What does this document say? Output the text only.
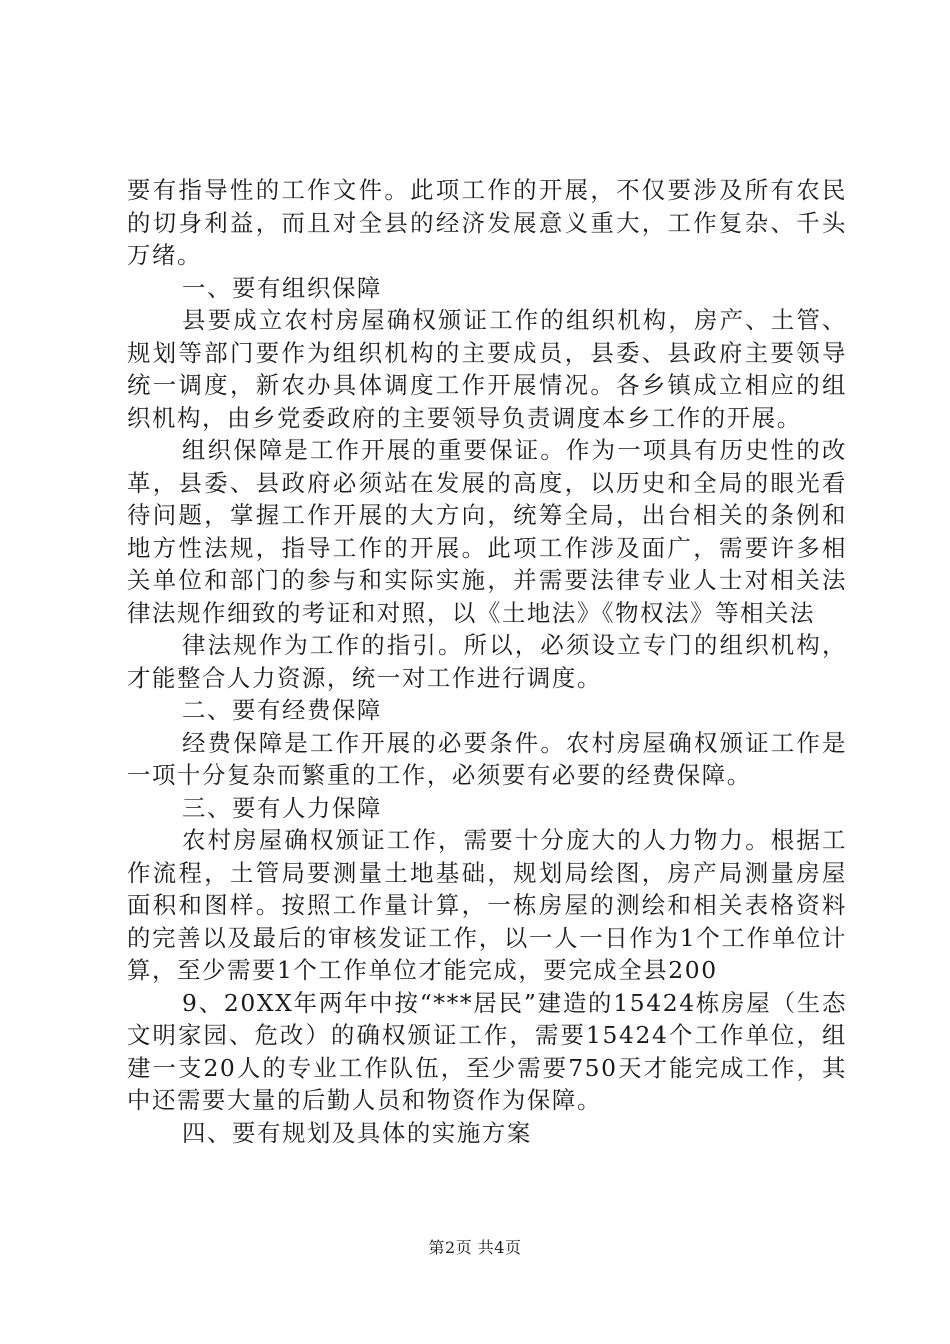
要有指导性的工作文件。此项工作的开展，不仅要涉及所有农民的切身利益，而且对全县的经济发展意义重大，工作复杂、千头万绪。

一、要有组织保障

县要成立农村房屋确权颁证工作的组织机构，房产、土管、规划等部门要作为组织机构的主要成员，县委、县政府主要领导统一调度，新农办具体调度工作开展情况。各乡镇成立相应的组织机构，由乡党委政府的主要领导负责调度本乡工作的开展。

组织保障是工作开展的重要保证。作为一项具有历史性的改革，县委、县政府必须站在发展的高度，以历史和全局的眼光看待问题，掌握工作开展的大方向，统筹全局，出台相关的条例和地方性法规，指导工作的开展。此项工作涉及面广，需要许多相关单位和部门的参与和实际实施，并需要法律专业人士对相关法律法规作细致的考证和对照，以《土地法》《物权法》等相关法

律法规作为工作的指引。所以，必须设立专门的组织机构，才能整合人力资源，统一对工作进行调度。

二、要有经费保障

经费保障是工作开展的必要条件。农村房屋确权颁证工作是一项十分复杂而繁重的工作，必须要有必要的经费保障。

三、要有人力保障

农村房屋确权颁证工作，需要十分庞大的人力物力。根据工作流程，土管局要测量土地基础，规划局绘图，房产局测量房屋面积和图样。按照工作量计算，一栋房屋的测绘和相关表格资料的完善以及最后的审核发证工作，以一人一日作为1个工作单位计算，至少需要1个工作单位才能完成，要完成全县200

9、20XX年两年中按“***居民”建造的15424栋房屋（生态文明家园、危改）的确权颁证工作，需要15424个工作单位，组建一支20人的专业工作队伍，至少需要750天才能完成工作，其中还需要大量的后勤人员和物资作为保障。

四、要有规划及具体的实施方案

第2页 共4页
